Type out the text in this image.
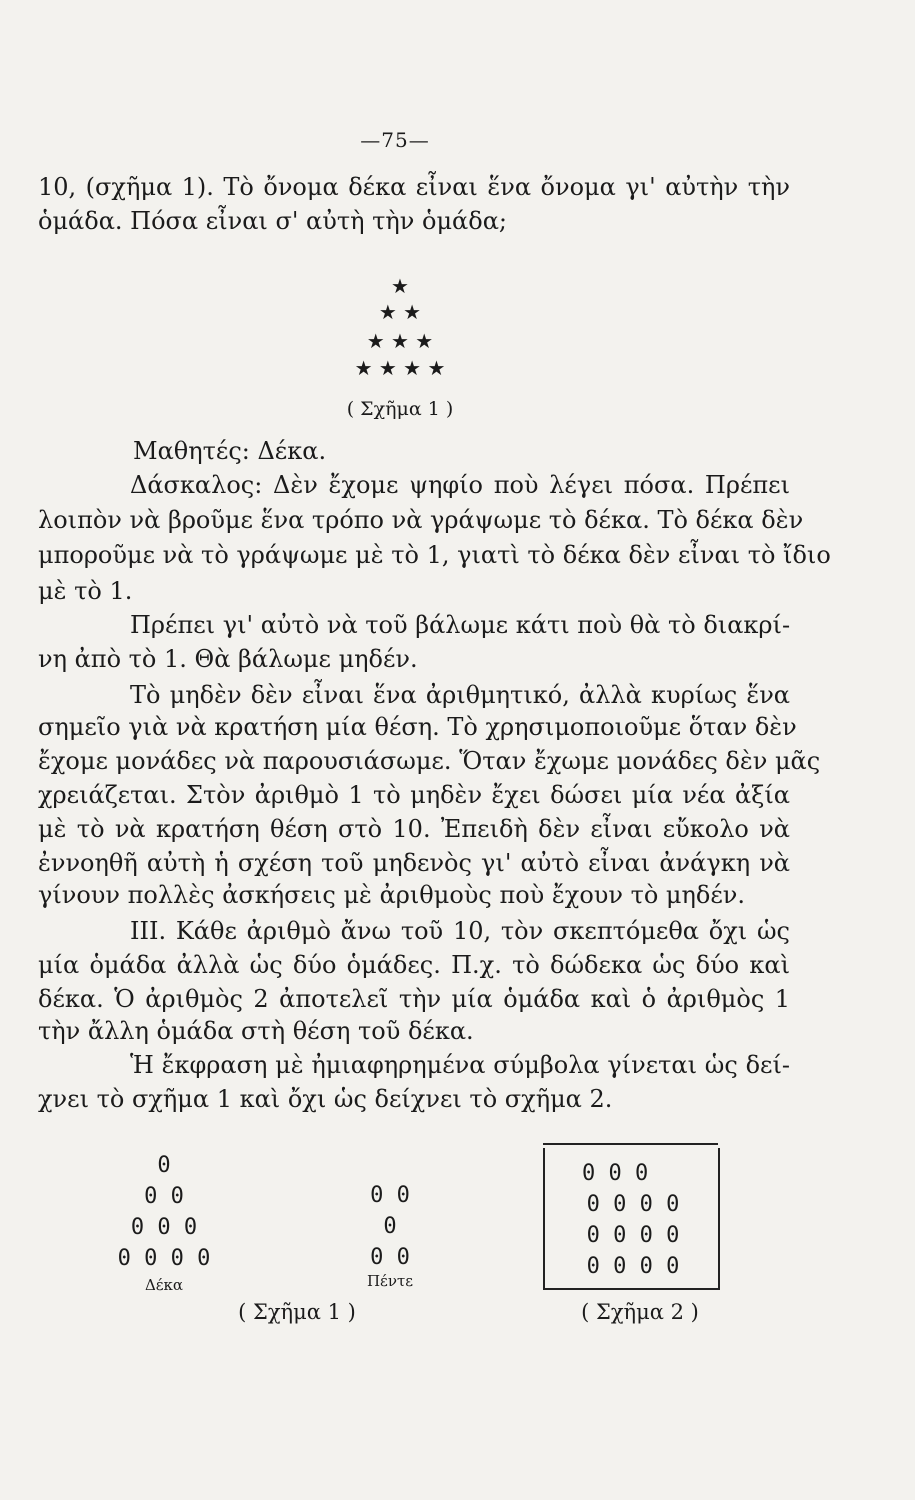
—75—
10, (σχῆμα 1). Τὸ ὄνομα δέκα εἶναι ἕνα ὄνομα γι' αὐτὴν τὴν
ὁμάδα. Πόσα εἶναι σ' αὐτὴ τὴν ὁμάδα;
★
★ ★
★ ★ ★
★ ★ ★ ★
( Σχῆμα 1 )
Μαθητές: Δέκα.
Δάσκαλος: Δὲν ἔχομε ψηφίο ποὺ λέγει πόσα. Πρέπει
λοιπὸν νὰ βροῦμε ἕνα τρόπο νὰ γράψωμε τὸ δέκα. Τὸ δέκα δὲν
μποροῦμε νὰ τὸ γράψωμε μὲ τὸ 1, γιατὶ τὸ δέκα δὲν εἶναι τὸ ἴδιο
μὲ τὸ 1.
Πρέπει γι' αὐτὸ νὰ τοῦ βάλωμε κάτι ποὺ θὰ τὸ διακρί-
νη ἀπὸ τὸ 1. Θὰ βάλωμε μηδέν.
Τὸ μηδὲν δὲν εἶναι ἕνα ἀριθμητικό, ἀλλὰ κυρίως ἕνα
σημεῖο γιὰ νὰ κρατήση μία θέση. Τὸ χρησιμοποιοῦμε ὅταν δὲν
ἔχομε μονάδες νὰ παρουσιάσωμε. Ὅταν ἔχωμε μονάδες δὲν μᾶς
χρειάζεται. Στὸν ἀριθμὸ 1 τὸ μηδὲν ἔχει δώσει μία νέα ἀξία
μὲ τὸ νὰ κρατήση θέση στὸ 10. Ἐπειδὴ δὲν εἶναι εὔκολο νὰ
ἐννοηθῆ αὐτὴ ἡ σχέση τοῦ μηδενὸς γι' αὐτὸ εἶναι ἀνάγκη νὰ
γίνουν πολλὲς ἀσκήσεις μὲ ἀριθμοὺς ποὺ ἔχουν τὸ μηδέν.
ΙΙΙ. Κάθε ἀριθμὸ ἄνω τοῦ 10, τὸν σκεπτόμεθα ὄχι ὡς
μία ὁμάδα ἀλλὰ ὡς δύο ὁμάδες. Π.χ. τὸ δώδεκα ὡς δύο καὶ
δέκα. Ὁ ἀριθμὸς 2 ἀποτελεῖ τὴν μία ὁμάδα καὶ ὁ ἀριθμὸς 1
τὴν ἄλλη ὁμάδα στὴ θέση τοῦ δέκα.
Ἡ ἔκφραση μὲ ἠμιαφηρημένα σύμβολα γίνεται ὡς δεί-
χνει τὸ σχῆμα 1 καὶ ὄχι ὡς δείχνει τὸ σχῆμα 2.
0
0 0
0 0 0
0 0 0 0
Δέκα
0 0
0
0 0
Πέντε
( Σχῆμα 1 )
0 0 0
0 0 0 0
0 0 0 0
0 0 0 0
( Σχῆμα 2 )
